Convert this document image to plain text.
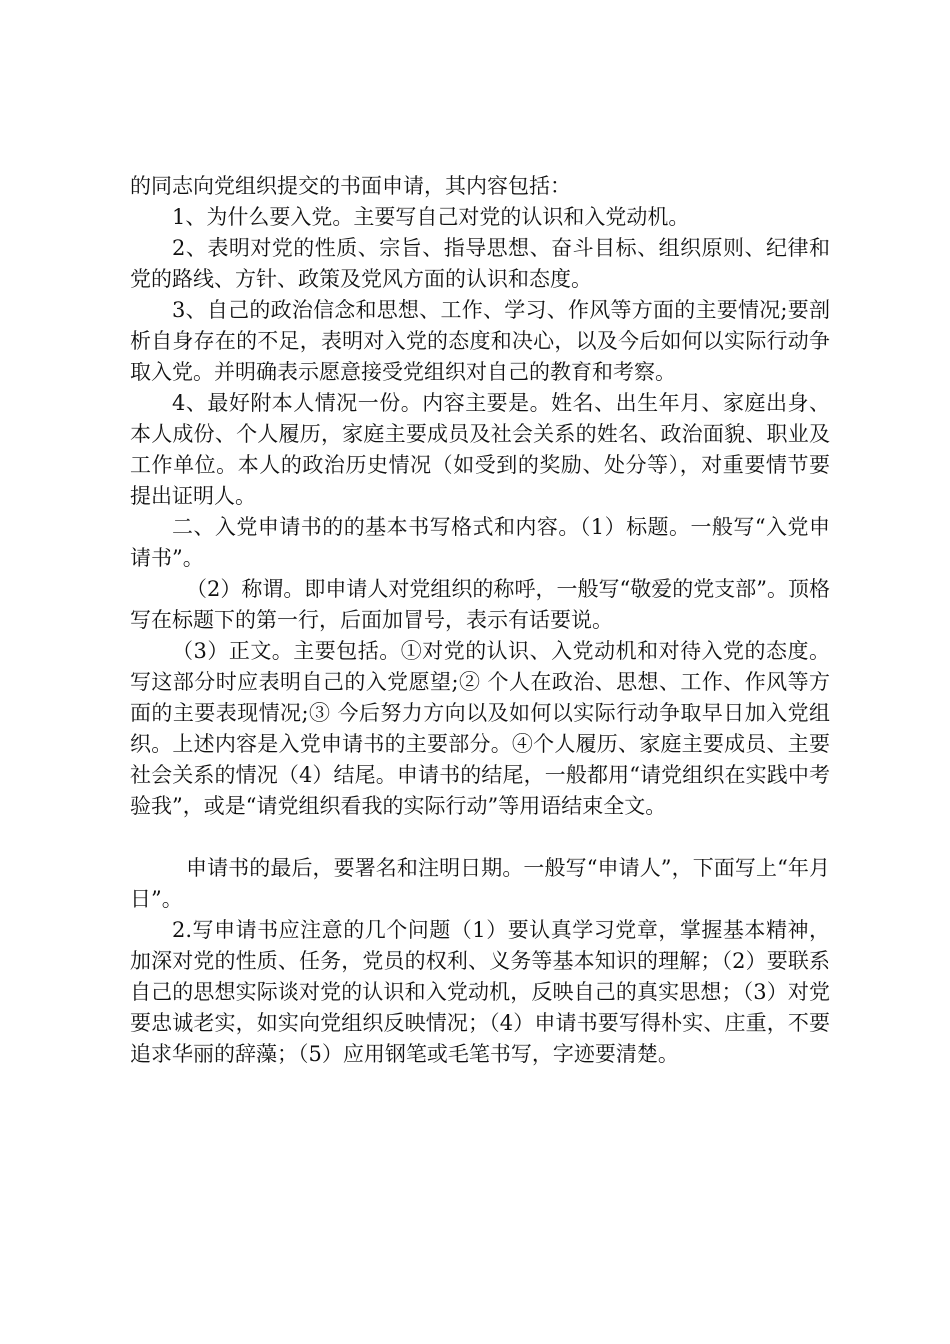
的同志向党组织提交的书面申请，其内容包括：

1、为什么要入党。主要写自己对党的认识和入党动机。

2、表明对党的性质、宗旨、指导思想、奋斗目标、组织原则、纪律和党的路线、方针、政策及党风方面的认识和态度。

3、自己的政治信念和思想、工作、学习、作风等方面的主要情况;要剖析自身存在的不足，表明对入党的态度和决心，以及今后如何以实际行动争取入党。并明确表示愿意接受党组织对自己的教育和考察。

4、最好附本人情况一份。内容主要是。姓名、出生年月、家庭出身、本人成份、个人履历，家庭主要成员及社会关系的姓名、政治面貌、职业及工作单位。本人的政治历史情况（如受到的奖励、处分等），对重要情节要提出证明人。

二、入党申请书的的基本书写格式和内容。（1）标题。一般写“入党申请书”。

（2）称谓。即申请人对党组织的称呼，一般写“敬爱的党支部”。顶格写在标题下的第一行，后面加冒号，表示有话要说。

（3）正文。主要包括。①对党的认识、入党动机和对待入党的态度。写这部分时应表明自己的入党愿望;② 个人在政治、思想、工作、作风等方面的主要表现情况;③ 今后努力方向以及如何以实际行动争取早日加入党组织。上述内容是入党申请书的主要部分。④个人履历、家庭主要成员、主要社会关系的情况（4）结尾。申请书的结尾，一般都用“请党组织在实践中考验我”，或是“请党组织看我的实际行动”等用语结束全文。

申请书的最后，要署名和注明日期。一般写“申请人”，下面写上“年月日”。

2.写申请书应注意的几个问题（1）要认真学习党章，掌握基本精神，加深对党的性质、任务，党员的权利、义务等基本知识的理解；（2）要联系自己的思想实际谈对党的认识和入党动机，反映自己的真实思想；（3）对党要忠诚老实，如实向党组织反映情况；（4）申请书要写得朴实、庄重，不要追求华丽的辞藻；（5）应用钢笔或毛笔书写，字迹要清楚。
